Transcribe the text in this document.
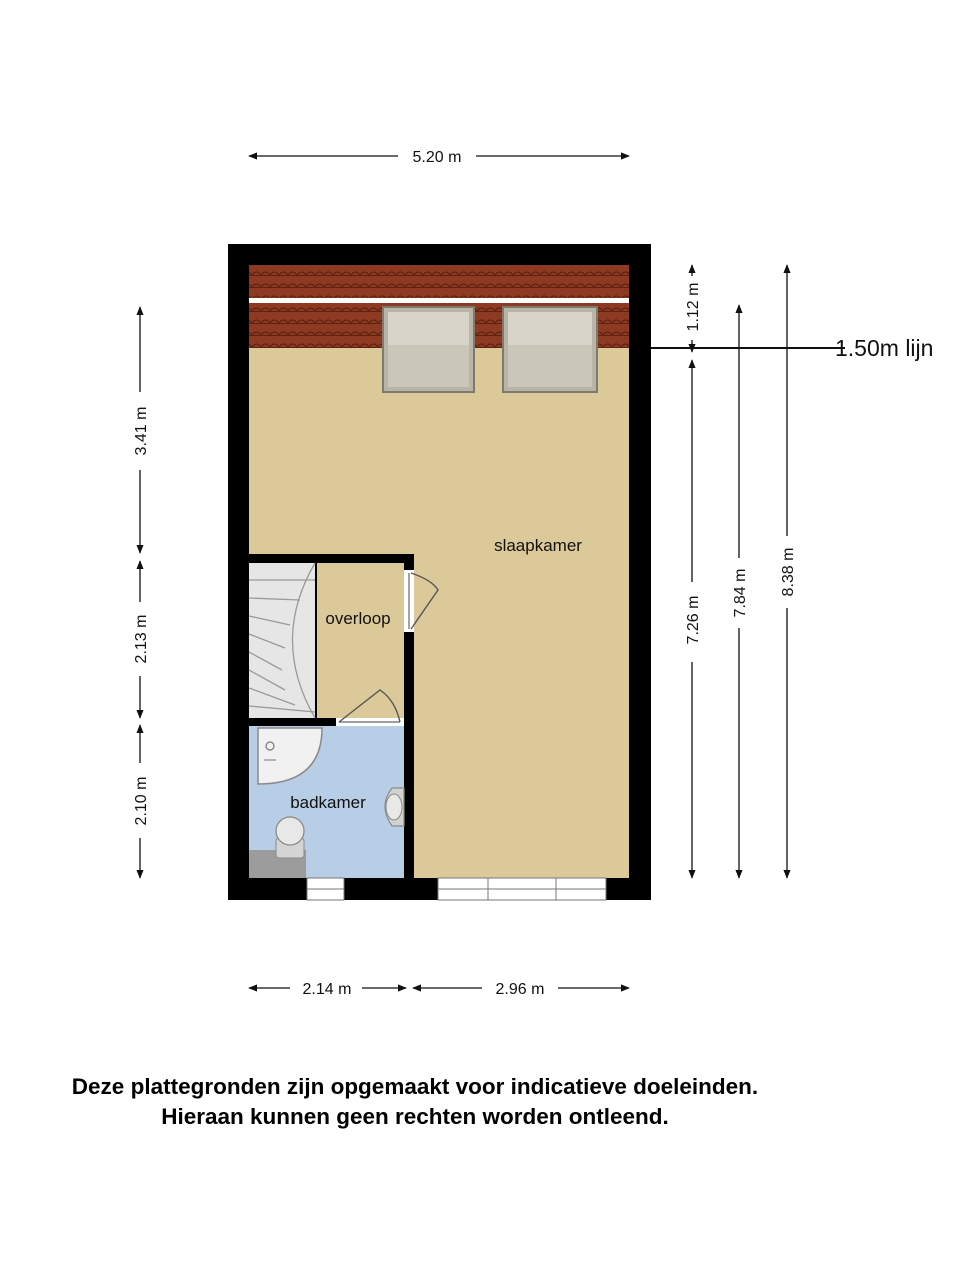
slaapkamer
overloop
badkamer
5.20 m
2.14 m	2.96 m
3.41 m
2.13 m
2.10 m
1.12 m
7.26 m
7.84 m 8.38 m
1.50m lijn
Deze plattegronden zijn opgemaakt voor indicatieve doeleinden.
Hieraan kunnen geen rechten worden ontleend.
